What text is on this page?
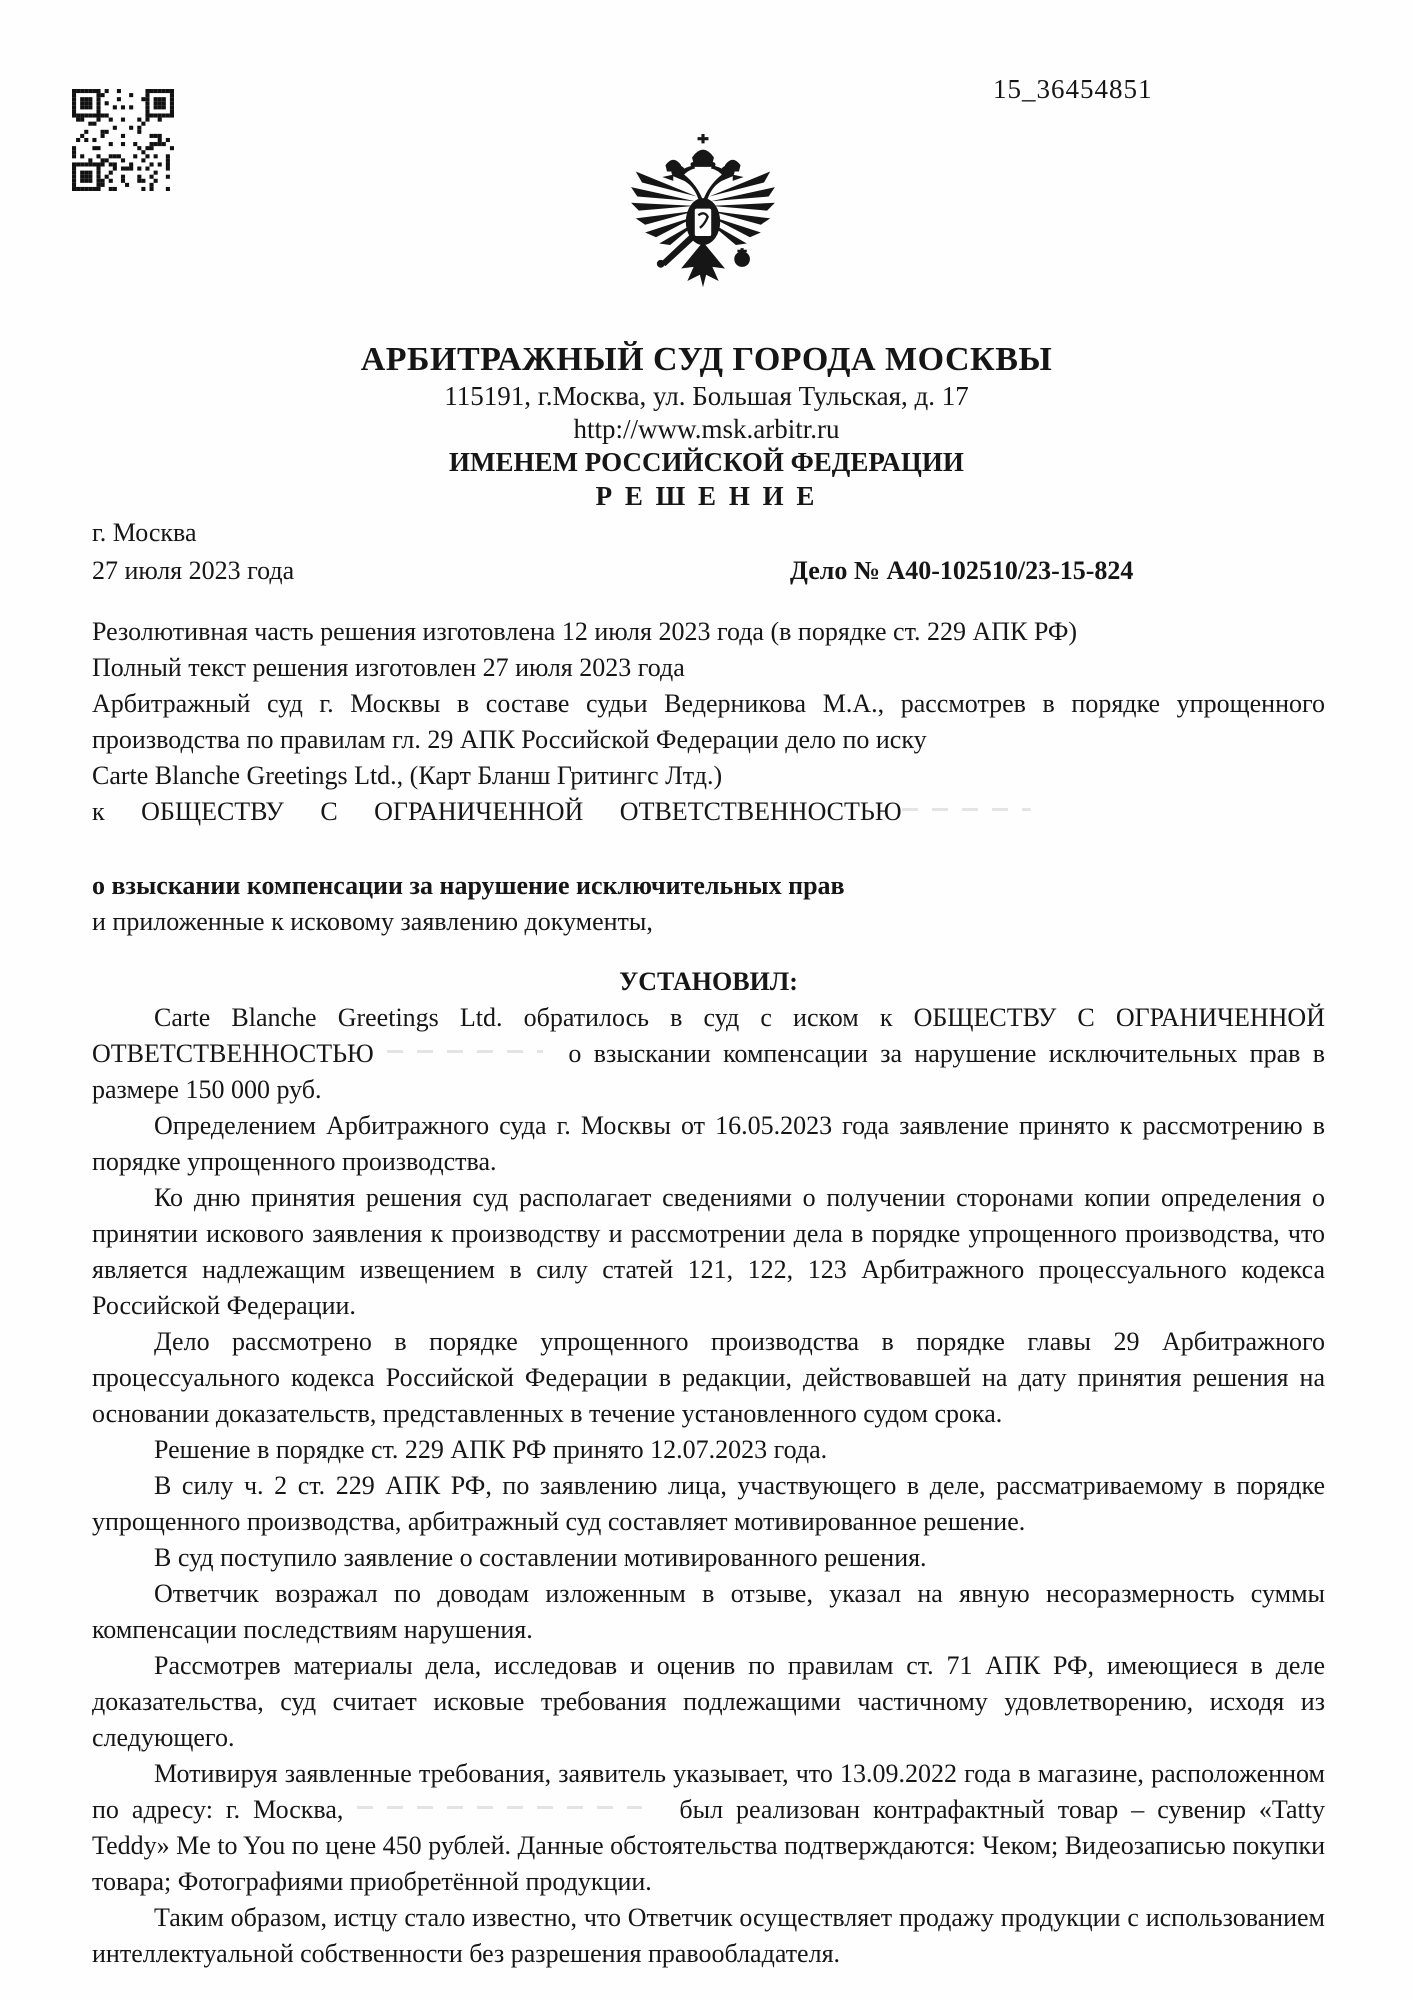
15_36454851
АРБИТРАЖНЫЙ СУД ГОРОДА МОСКВЫ
115191, г.Москва, ул. Большая Тульская, д. 17
http://www.msk.arbitr.ru
ИМЕНЕМ РОССИЙСКОЙ ФЕДЕРАЦИИ
Р Е Ш Е Н И Е
г. Москва
27 июля 2023 года	Дело № А40-102510/23-15-824

Резолютивная часть решения изготовлена 12 июля 2023 года (в порядке ст. 229 АПК РФ)

Полный текст решения изготовлен 27 июля 2023 года

Арбитражный суд г. Москвы в составе судьи Ведерникова М.А., рассмотрев в порядке упрощенного производства по правилам гл. 29 АПК Российской Федерации дело по иску

Carte Blanche Greetings Ltd., (Карт Бланш Гритингс Лтд.)

к ОБЩЕСТВУ С ОГРАНИЧЕННОЙ ОТВЕТСТВЕННОСТЬЮ

о взыскании компенсации за нарушение исключительных прав

и приложенные к исковому заявлению документы,

УСТАНОВИЛ:

Carte Blanche Greetings Ltd. обратилось в суд с иском к ОБЩЕСТВУ С ОГРАНИЧЕННОЙ ОТВЕТСТВЕННОСТЬЮ	о взыскании компенсации за нарушение исключительных прав в размере 150 000 руб.

Определением Арбитражного суда г. Москвы от 16.05.2023 года заявление принято к рассмотрению в порядке упрощенного производства.

Ко дню принятия решения суд располагает сведениями о получении сторонами копии определения о принятии искового заявления к производству и рассмотрении дела в порядке упрощенного производства, что является надлежащим извещением в силу статей 121, 122, 123 Арбитражного процессуального кодекса Российской Федерации.

Дело рассмотрено в порядке упрощенного производства в порядке главы 29 Арбитражного процессуального кодекса Российской Федерации в редакции, действовавшей на дату принятия решения на основании доказательств, представленных в течение установленного судом срока.

Решение в порядке ст. 229 АПК РФ принято 12.07.2023 года.

В силу ч. 2 ст. 229 АПК РФ, по заявлению лица, участвующего в деле, рассматриваемому в порядке упрощенного производства, арбитражный суд составляет мотивированное решение.

В суд поступило заявление о составлении мотивированного решения.

Ответчик возражал по доводам изложенным в отзыве, указал на явную несоразмерность суммы компенсации последствиям нарушения.

Рассмотрев материалы дела, исследовав и оценив по правилам ст. 71 АПК РФ, имеющиеся в деле доказательства, суд считает исковые требования подлежащими частичному удовлетворению, исходя из следующего.

Мотивируя заявленные требования, заявитель указывает, что 13.09.2022 года в магазине, расположенном по адресу: г. Москва,	был реализован контрафактный товар – сувенир «Tatty Teddy» Me to You по цене 450 рублей. Данные обстоятельства подтверждаются: Чеком; Видеозаписью покупки товара; Фотографиями приобретённой продукции.

Таким образом, истцу стало известно, что Ответчик осуществляет продажу продукции с использованием интеллектуальной собственности без разрешения правообладателя.
